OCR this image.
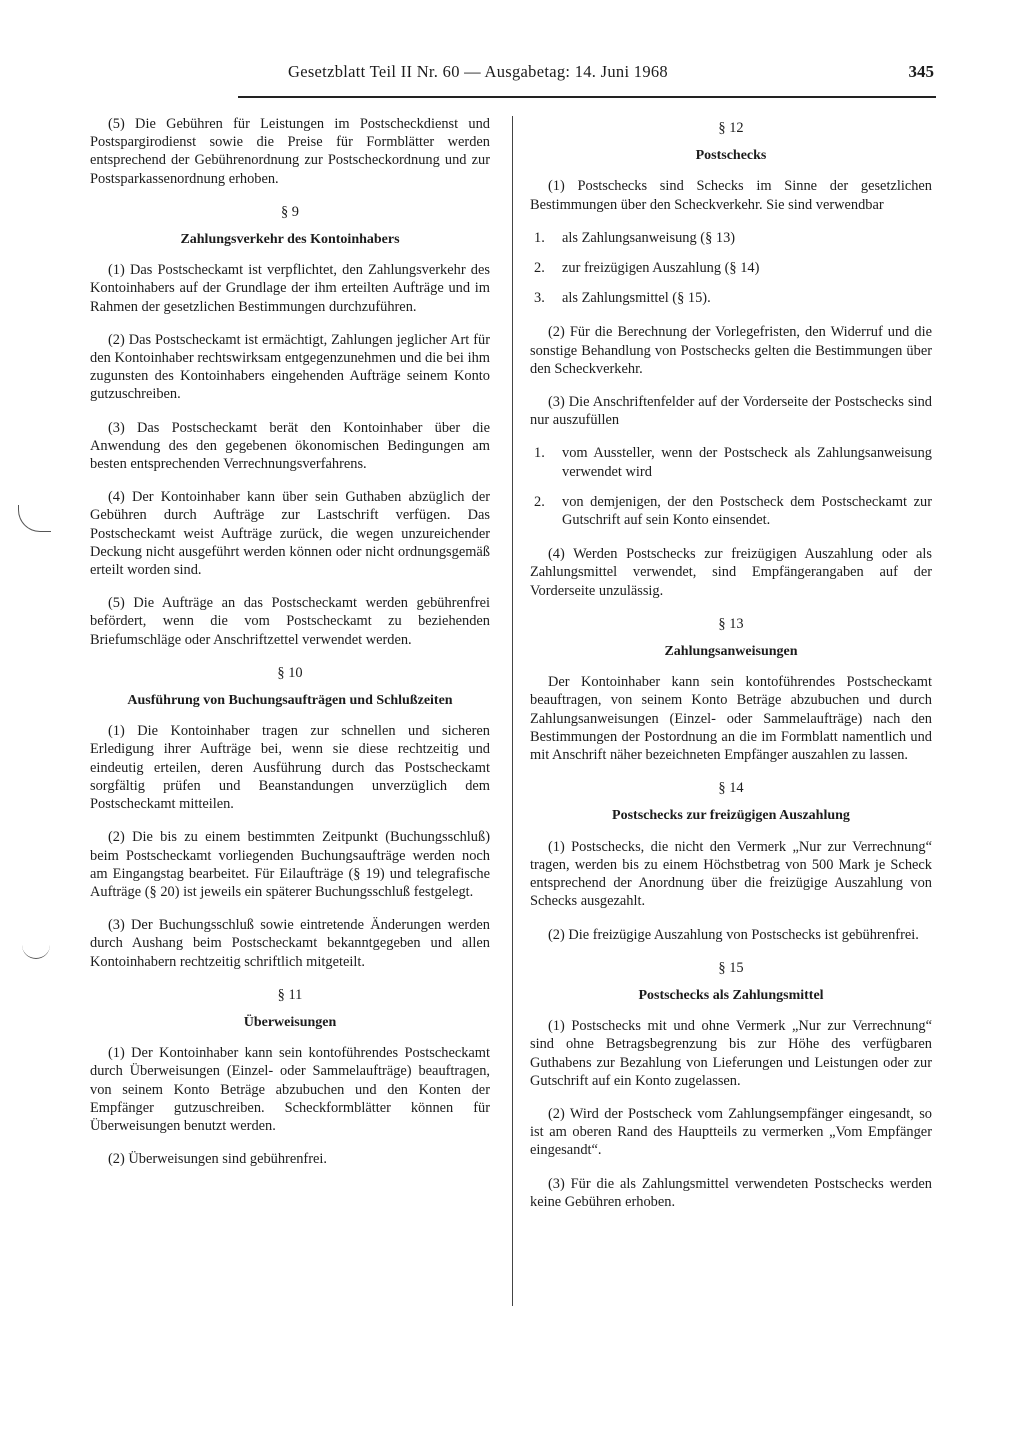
Gesetzblatt Teil II Nr. 60 — Ausgabetag: 14. Juni 1968	345

(5) Die Gebühren für Leistungen im Postscheckdienst und Postspargirodienst sowie die Preise für Formblätter werden entsprechend der Gebührenordnung zur Postscheckordnung und zur Postsparkassenordnung erhoben.

§ 9
Zahlungsverkehr des Kontoinhabers

(1) Das Postscheckamt ist verpflichtet, den Zahlungsverkehr des Kontoinhabers auf der Grundlage der ihm erteilten Aufträge und im Rahmen der gesetzlichen Bestimmungen durchzuführen.

(2) Das Postscheckamt ist ermächtigt, Zahlungen jeglicher Art für den Kontoinhaber rechtswirksam entgegenzunehmen und die bei ihm zugunsten des Kontoinhabers eingehenden Aufträge seinem Konto gutzuschreiben.

(3) Das Postscheckamt berät den Kontoinhaber über die Anwendung des den gegebenen ökonomischen Bedingungen am besten entsprechenden Verrechnungsverfahrens.

(4) Der Kontoinhaber kann über sein Guthaben abzüglich der Gebühren durch Aufträge zur Lastschrift verfügen. Das Postscheckamt weist Aufträge zurück, die wegen unzureichender Deckung nicht ausgeführt werden können oder nicht ordnungsgemäß erteilt worden sind.

(5) Die Aufträge an das Postscheckamt werden gebührenfrei befördert, wenn die vom Postscheckamt zu beziehenden Briefumschläge oder Anschriftzettel verwendet werden.

§ 10
Ausführung von Buchungsaufträgen und Schlußzeiten

(1) Die Kontoinhaber tragen zur schnellen und sicheren Erledigung ihrer Aufträge bei, wenn sie diese rechtzeitig und eindeutig erteilen, deren Ausführung durch das Postscheckamt sorgfältig prüfen und Beanstandungen unverzüglich dem Postscheckamt mitteilen.

(2) Die bis zu einem bestimmten Zeitpunkt (Buchungsschluß) beim Postscheckamt vorliegenden Buchungsaufträge werden noch am Eingangstag bearbeitet. Für Eilaufträge (§ 19) und telegrafische Aufträge (§ 20) ist jeweils ein späterer Buchungsschluß festgelegt.

(3) Der Buchungsschluß sowie eintretende Änderungen werden durch Aushang beim Postscheckamt bekanntgegeben und allen Kontoinhabern rechtzeitig schriftlich mitgeteilt.

§ 11
Überweisungen

(1) Der Kontoinhaber kann sein kontoführendes Postscheckamt durch Überweisungen (Einzel- oder Sammelaufträge) beauftragen, von seinem Konto Beträge abzubuchen und den Konten der Empfänger gutzuschreiben. Scheckformblätter können für Überweisungen benutzt werden.

(2) Überweisungen sind gebührenfrei.

§ 12
Postschecks

(1) Postschecks sind Schecks im Sinne der gesetzlichen Bestimmungen über den Scheckverkehr. Sie sind verwendbar

1.	als Zahlungsanweisung (§ 13)
2.	zur freizügigen Auszahlung (§ 14)
3.	als Zahlungsmittel (§ 15).

(2) Für die Berechnung der Vorlegefristen, den Widerruf und die sonstige Behandlung von Postschecks gelten die Bestimmungen über den Scheckverkehr.

(3) Die Anschriftenfelder auf der Vorderseite der Postschecks sind nur auszufüllen

1.	vom Aussteller, wenn der Postscheck als Zahlungsanweisung verwendet wird
2.	von demjenigen, der den Postscheck dem Postscheckamt zur Gutschrift auf sein Konto einsendet.

(4) Werden Postschecks zur freizügigen Auszahlung oder als Zahlungsmittel verwendet, sind Empfängerangaben auf der Vorderseite unzulässig.

§ 13
Zahlungsanweisungen

Der Kontoinhaber kann sein kontoführendes Postscheckamt beauftragen, von seinem Konto Beträge abzubuchen und durch Zahlungsanweisungen (Einzel- oder Sammelaufträge) nach den Bestimmungen der Postordnung an die im Formblatt namentlich und mit Anschrift näher bezeichneten Empfänger auszahlen zu lassen.

§ 14
Postschecks zur freizügigen Auszahlung

(1) Postschecks, die nicht den Vermerk „Nur zur Verrechnung“ tragen, werden bis zu einem Höchstbetrag von 500 Mark je Scheck entsprechend der Anordnung über die freizügige Auszahlung von Schecks ausgezahlt.

(2) Die freizügige Auszahlung von Postschecks ist gebührenfrei.

§ 15
Postschecks als Zahlungsmittel

(1) Postschecks mit und ohne Vermerk „Nur zur Verrechnung“ sind ohne Betragsbegrenzung bis zur Höhe des verfügbaren Guthabens zur Bezahlung von Lieferungen und Leistungen oder zur Gutschrift auf ein Konto zugelassen.

(2) Wird der Postscheck vom Zahlungsempfänger eingesandt, so ist am oberen Rand des Hauptteils zu vermerken „Vom Empfänger eingesandt“.

(3) Für die als Zahlungsmittel verwendeten Postschecks werden keine Gebühren erhoben.
